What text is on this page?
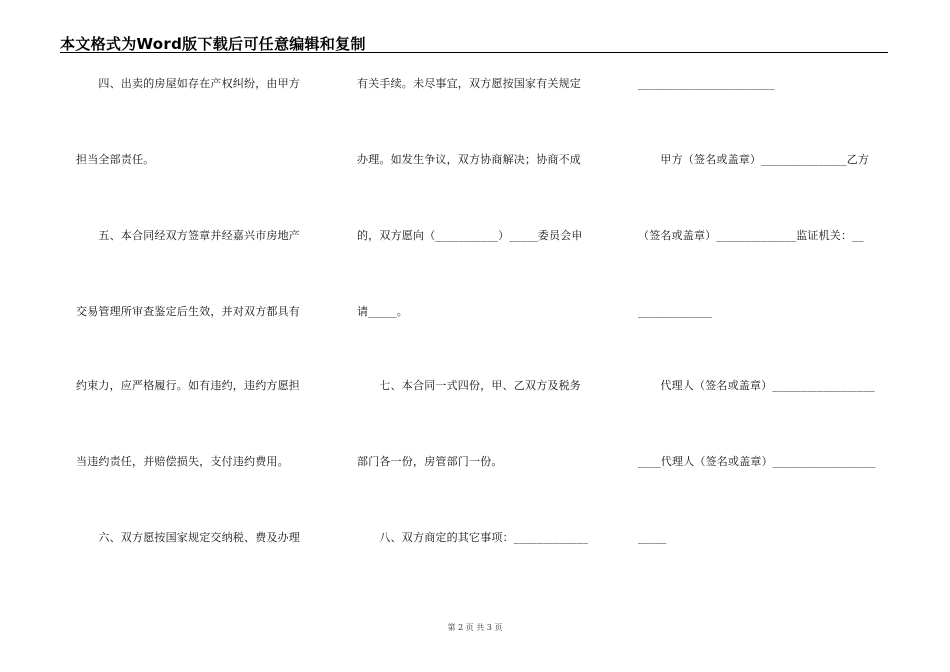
本文格式为Word版下载后可任意编辑和复制
　　四、出卖的房屋如存在产权纠纷，由甲方
担当全部责任。
　　五、本合同经双方签章并经嘉兴市房地产
交易管理所审查鉴定后生效，并对双方都具有
约束力，应严格履行。如有违约，违约方愿担
当违约责任，并赔偿损失，支付违约费用。
　　六、双方愿按国家规定交纳税、费及办理
有关手续。未尽事宜，双方愿按国家有关规定
办理。如发生争议，双方协商解决；协商不成
的，双方愿向（___________）_____委员会申
请_____。
　　七、本合同一式四份，甲、乙双方及税务
部门各一份，房管部门一份。
　　八、双方商定的其它事项：_____________
________________________
　　甲方（签名或盖章）_______________乙方
（签名或盖章）______________监证机关：__
_____________
　　代理人（签名或盖章）__________________
____代理人（签名或盖章）__________________
_____
第 2 页 共 3 页
